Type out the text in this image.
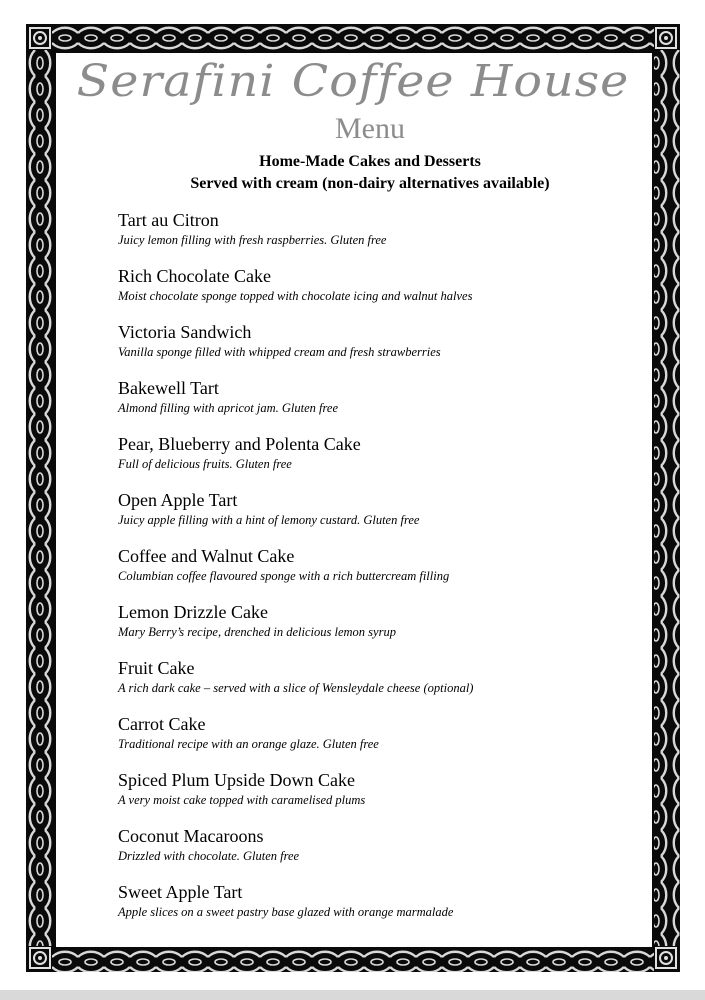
Serafini Coffee House
Menu
Home-Made Cakes and Desserts
Served with cream (non-dairy alternatives available)
Tart au Citron
Juicy lemon filling with fresh raspberries. Gluten free
Rich Chocolate Cake
Moist chocolate sponge topped with chocolate icing and walnut halves
Victoria Sandwich
Vanilla sponge filled with whipped cream and fresh strawberries
Bakewell Tart
Almond filling with apricot jam. Gluten free
Pear, Blueberry and Polenta Cake
Full of delicious fruits. Gluten free
Open Apple Tart
Juicy apple filling with a hint of lemony custard. Gluten free
Coffee and Walnut Cake
Columbian coffee flavoured sponge with a rich buttercream filling
Lemon Drizzle Cake
Mary Berry’s recipe, drenched in delicious lemon syrup
Fruit Cake
A rich dark cake – served with a slice of Wensleydale cheese (optional)
Carrot Cake
Traditional recipe with an orange glaze. Gluten free
Spiced Plum Upside Down Cake
A very moist cake topped with caramelised plums
Coconut Macaroons
Drizzled with chocolate. Gluten free
Sweet Apple Tart
Apple slices on a sweet pastry base glazed with orange marmalade
